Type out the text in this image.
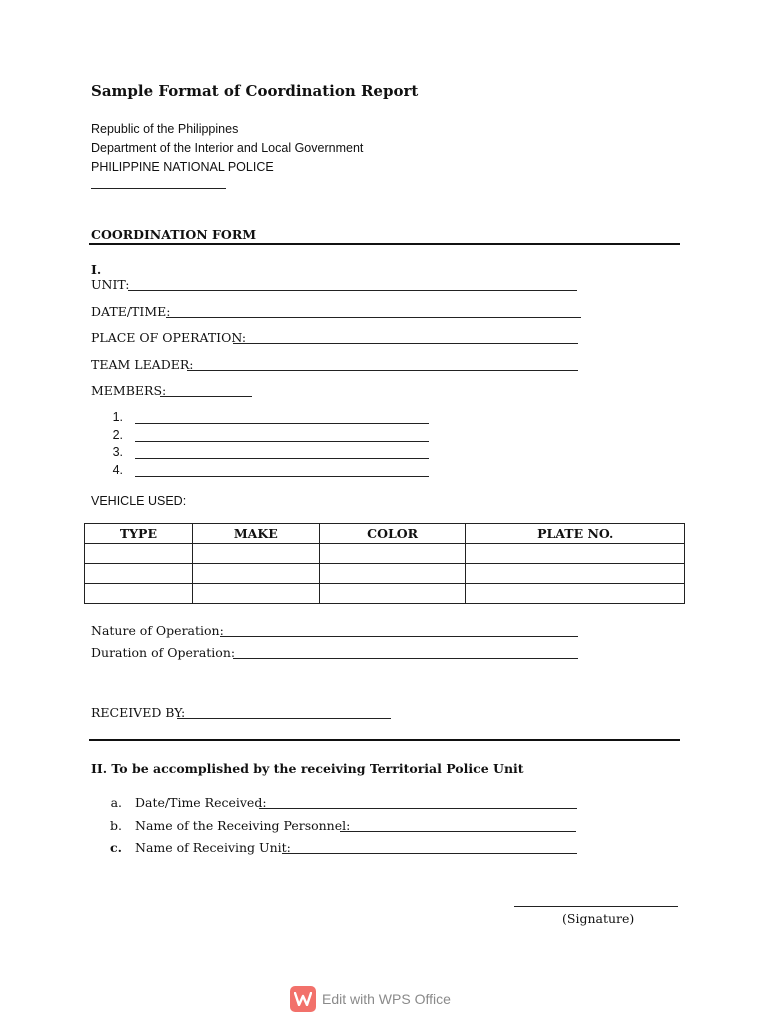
Sample Format of Coordination Report
Republic of the Philippines
Department of the Interior and Local Government
PHILIPPINE NATIONAL POLICE
COORDINATION FORM
I.
UNIT:
DATE/TIME:
PLACE OF OPERATION:
TEAM LEADER:
MEMBERS:
1.
2.
3.
4.
VEHICLE USED:
TYPE	MAKE	COLOR	PLATE NO.

Nature of Operation:
Duration of Operation:
RECEIVED BY:
II. To be accomplished by the receiving Territorial Police Unit
a. Date/Time Received:
b. Name of the Receiving Personnel:
c. Name of Receiving Unit:
(Signature)
Edit with WPS Office
